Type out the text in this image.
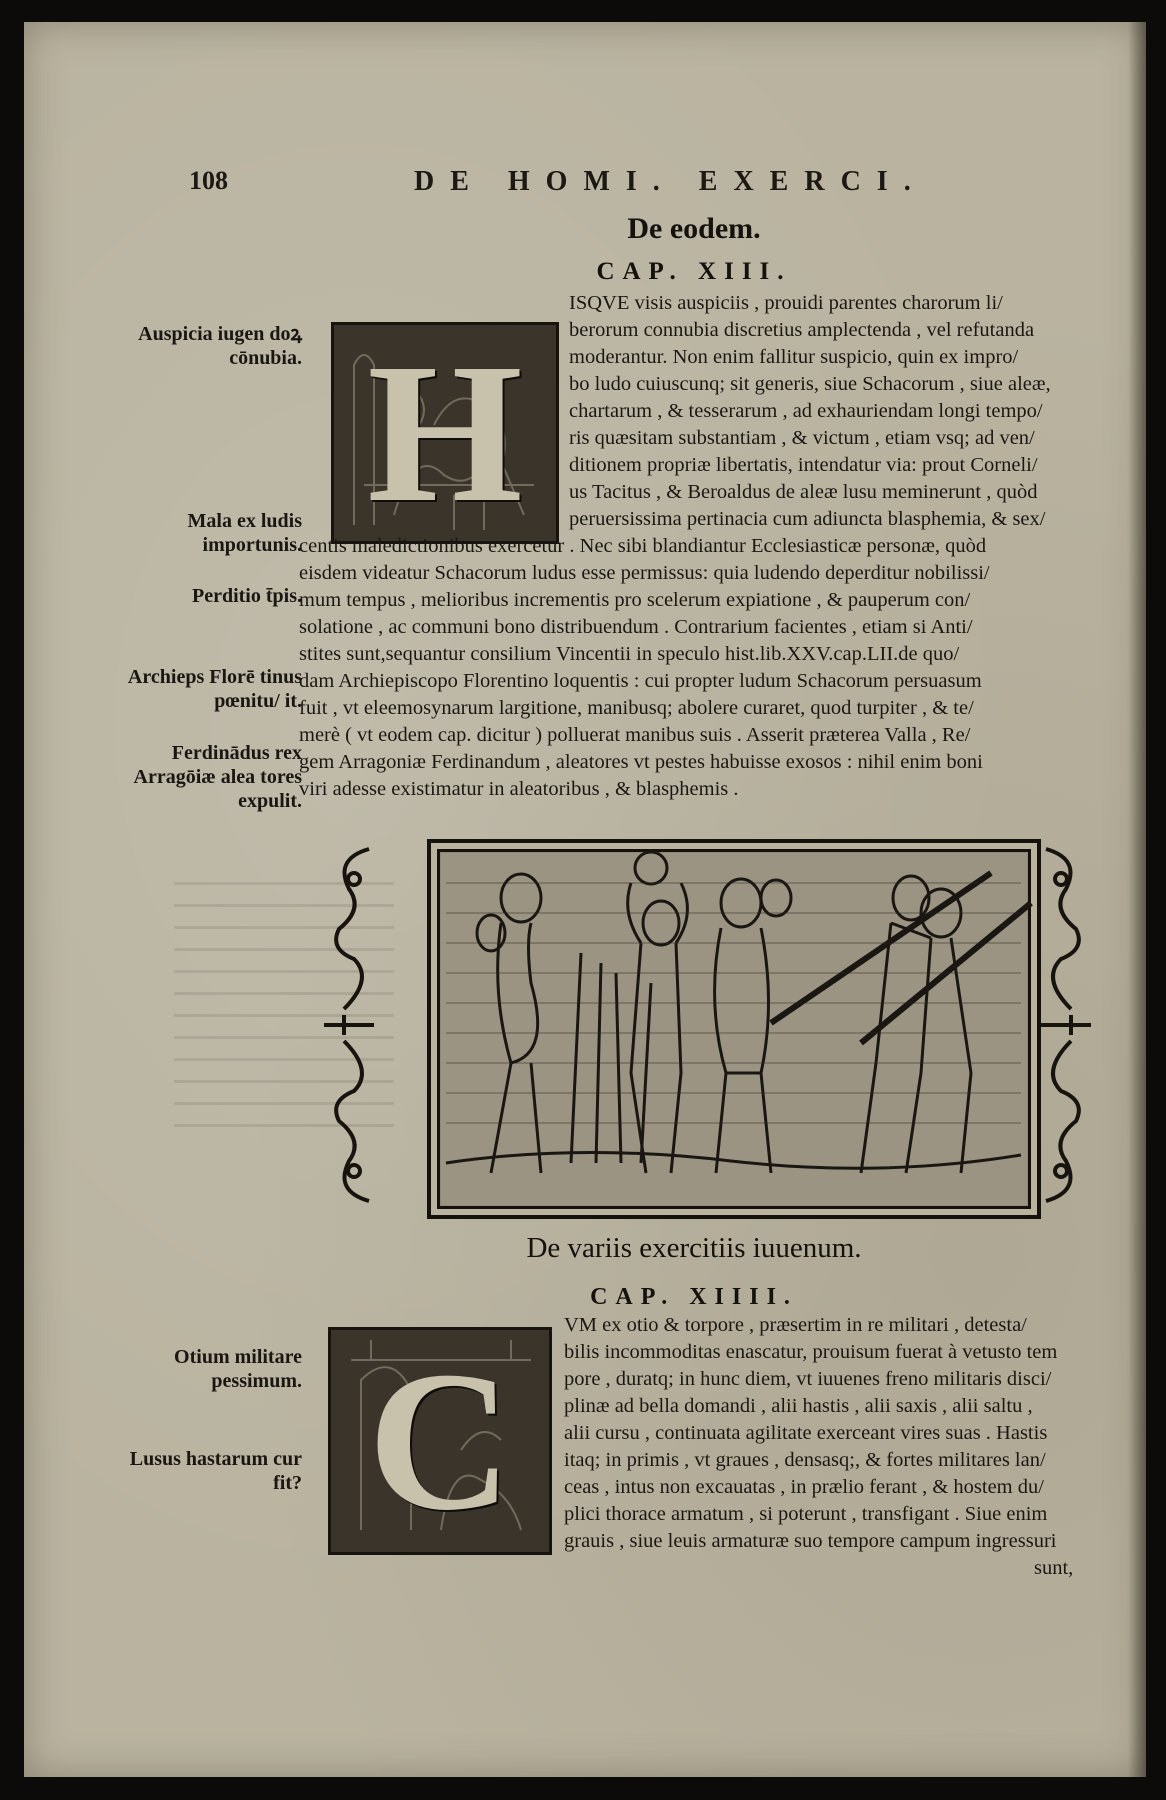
108	DE HOMI. EXERCI.
De eodem.
CAP. XIII.
H
ISQVE visis auspiciis , prouidi parentes charorum li/
berorum connubia discretius amplectenda , vel refutanda
moderantur. Non enim fallitur suspicio, quin ex impro/
bo ludo cuiuscunq; sit generis, siue Schacorum , siue aleæ,
chartarum , & tesserarum , ad exhauriendam longi tempo/
ris quæsitam substantiam , & victum , etiam vsq; ad ven/
ditionem propriæ libertatis, intendatur via: prout Corneli/
us Tacitus , & Beroaldus de aleæ lusu meminerunt , quòd
peruersissima pertinacia cum adiuncta blasphemia, & sex/
centis maledictionibus exercetur . Nec sibi blandiantur Ecclesiasticæ personæ, quòd
eisdem videatur Schacorum ludus esse permissus: quia ludendo deperditur nobilissi/
mum tempus , melioribus incrementis pro scelerum expiatione , & pauperum con/
solatione , ac communi bono distribuendum . Contrarium facientes , etiam si Anti/
stites sunt,sequantur consilium Vincentii in speculo hist.lib.XXV.cap.LII.de quo/
dam Archiepiscopo Florentino loquentis : cui propter ludum Schacorum persuasum
fuit , vt eleemosynarum largitione, manibusq; abolere curaret, quod turpiter , & te/
merè ( vt eodem cap. dicitur ) polluerat manibus suis . Asserit præterea Valla , Re/
gem Arragoniæ Ferdinandum , aleatores vt pestes habuisse exosos : nihil enim boni
viri adesse existimatur in aleatoribus , & blasphemis .
Auspicia iugen doꝝ cōnubia.
Mala ex ludis importunis.
Perditio t̄pis.
Archieps Florē tinus pœnitu/ it.
Ferdinādus rex Arragōiæ alea tores expulit.
Otium militare pessimum.
Lusus hastarum cur fit?
De variis exercitiis iuuenum.
CAP. XIIII.
C
VM ex otio & torpore , præsertim in re militari , detesta/
bilis incommoditas enascatur, prouisum fuerat à vetusto tem
pore , duratq; in hunc diem, vt iuuenes freno militaris disci/
plinæ ad bella domandi , alii hastis , alii saxis , alii saltu ,
alii cursu , continuata agilitate exerceant vires suas . Hastis
itaq; in primis , vt graues , densasq;, & fortes militares lan/
ceas , intus non excauatas , in prælio ferant , & hostem du/
plici thorace armatum , si poterunt , transfigant . Siue enim
grauis , siue leuis armaturæ suo tempore campum ingressuri
sunt,
